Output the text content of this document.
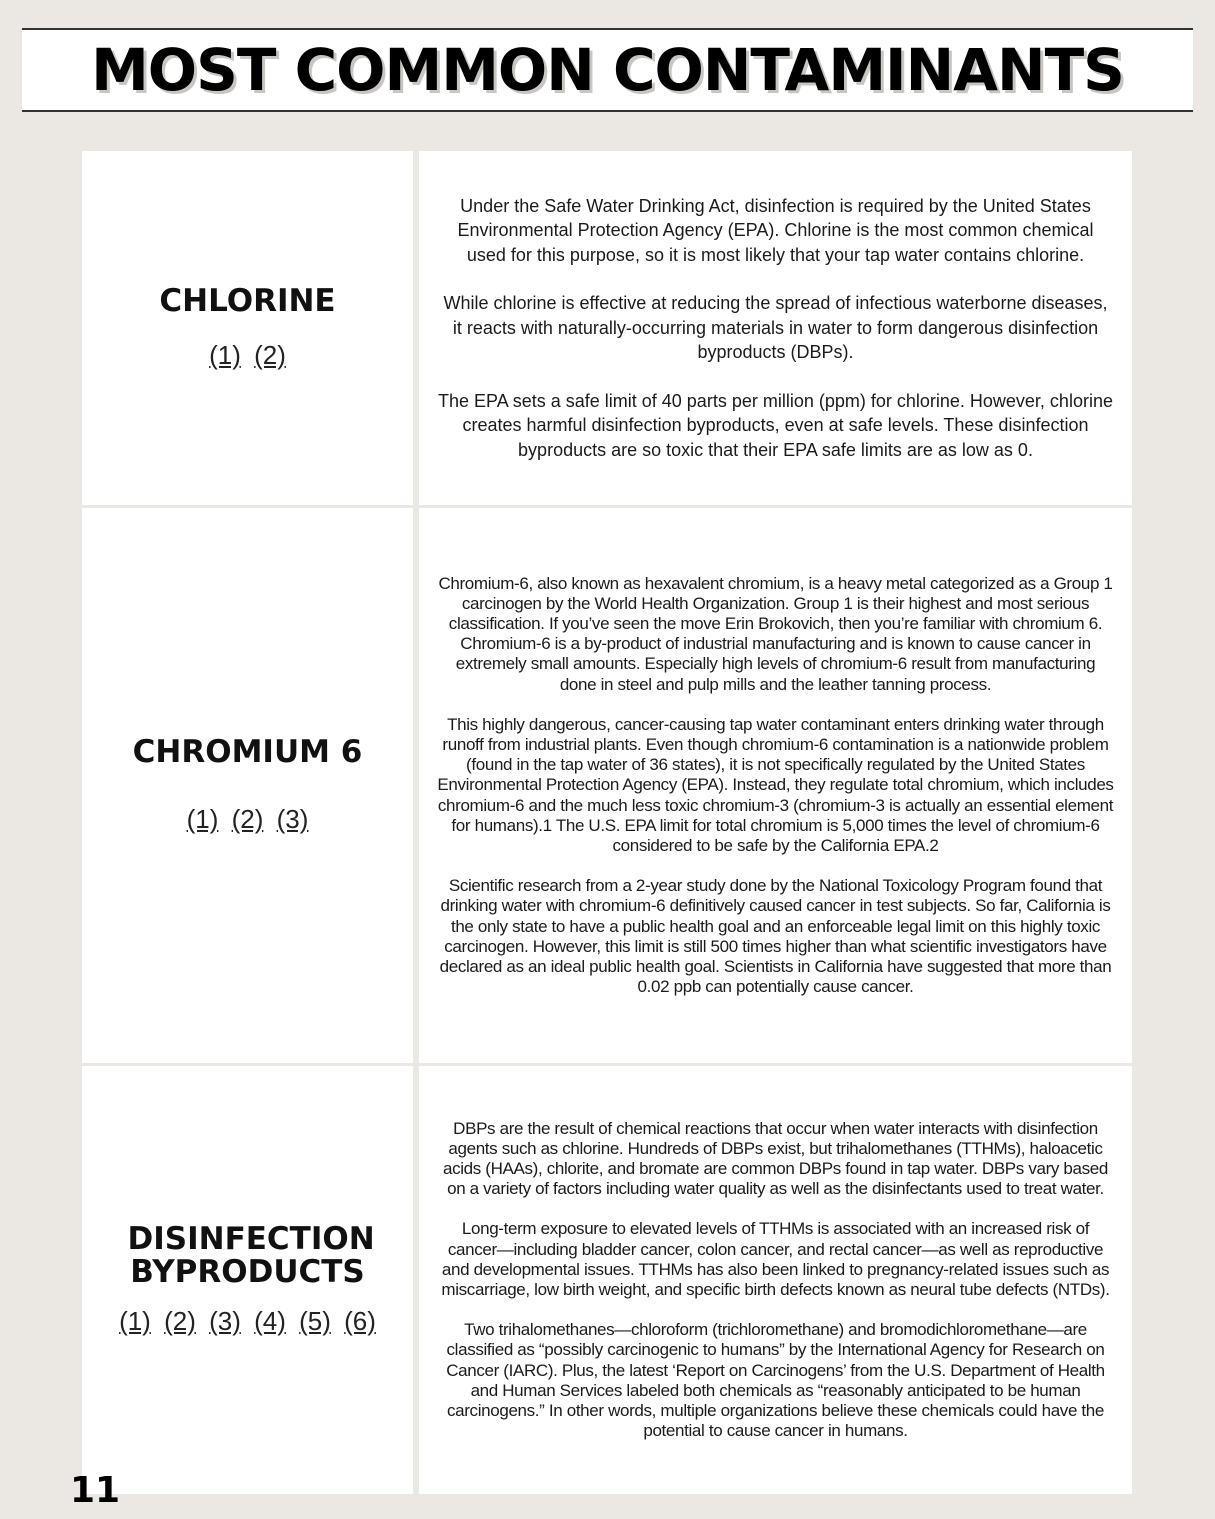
MOST COMMON CONTAMINANTS
CHLORINE
(1) (2)

Under the Safe Water Drinking Act, disinfection is required by the United States Environmental Protection Agency (EPA). Chlorine is the most common chemical used for this purpose, so it is most likely that your tap water contains chlorine.

While chlorine is effective at reducing the spread of infectious waterborne diseases, it reacts with naturally-occurring materials in water to form dangerous disinfection byproducts (DBPs).

The EPA sets a safe limit of 40 parts per million (ppm) for chlorine. However, chlorine creates harmful disinfection byproducts, even at safe levels. These disinfection byproducts are so toxic that their EPA safe limits are as low as 0.

CHROMIUM 6
(1) (2) (3)

Chromium-6, also known as hexavalent chromium, is a heavy metal categorized as a Group 1 carcinogen by the World Health Organization. Group 1 is their highest and most serious classification. If you’ve seen the move Erin Brokovich, then you’re familiar with chromium 6. Chromium-6 is a by-product of industrial manufacturing and is known to cause cancer in extremely small amounts. Especially high levels of chromium-6 result from manufacturing done in steel and pulp mills and the leather tanning process.

This highly dangerous, cancer-causing tap water contaminant enters drinking water through runoff from industrial plants. Even though chromium-6 contamination is a nationwide problem (found in the tap water of 36 states), it is not specifically regulated by the United States Environmental Protection Agency (EPA). Instead, they regulate total chromium, which includes chromium-6 and the much less toxic chromium-3 (chromium-3 is actually an essential element for humans).1 The U.S. EPA limit for total chromium is 5,000 times the level of chromium-6 considered to be safe by the California EPA.2

Scientific research from a 2-year study done by the National Toxicology Program found that drinking water with chromium-6 definitively caused cancer in test subjects. So far, California is the only state to have a public health goal and an enforceable legal limit on this highly toxic carcinogen. However, this limit is still 500 times higher than what scientific investigators have declared as an ideal public health goal. Scientists in California have suggested that more than 0.02 ppb can potentially cause cancer.

DISINFECTION BYPRODUCTS
(1) (2) (3) (4) (5) (6)

DBPs are the result of chemical reactions that occur when water interacts with disinfection agents such as chlorine. Hundreds of DBPs exist, but trihalomethanes (TTHMs), haloacetic acids (HAAs), chlorite, and bromate are common DBPs found in tap water. DBPs vary based on a variety of factors including water quality as well as the disinfectants used to treat water.

Long-term exposure to elevated levels of TTHMs is associated with an increased risk of cancer—including bladder cancer, colon cancer, and rectal cancer—as well as reproductive and developmental issues. TTHMs has also been linked to pregnancy-related issues such as miscarriage, low birth weight, and specific birth defects known as neural tube defects (NTDs).

Two trihalomethanes—chloroform (trichloromethane) and bromodichloromethane—are classified as “possibly carcinogenic to humans” by the International Agency for Research on Cancer (IARC). Plus, the latest ‘Report on Carcinogens’ from the U.S. Department of Health and Human Services labeled both chemicals as “reasonably anticipated to be human carcinogens.” In other words, multiple organizations believe these chemicals could have the potential to cause cancer in humans.

11
